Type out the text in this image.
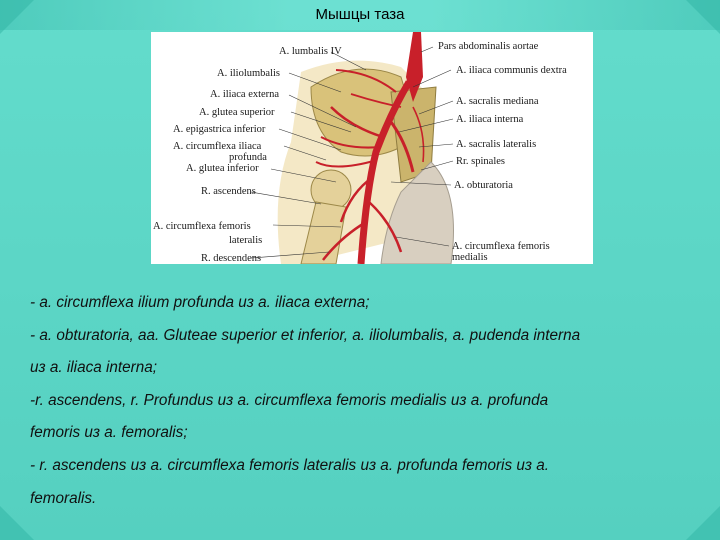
Мышцы таза
A. lumbalis IV
A. iliolumbalis
A. iliaca externa
A. glutea superior
A. epigastrica inferior
A. circumflexa iliaca
profunda
A. glutea inferior
R. ascendens
A. circumflexa femoris
lateralis
R. descendens
Pars abdominalis aortae
A. iliaca communis dextra
A. sacralis mediana
A. iliaca interna
A. sacralis lateralis
Rr. spinales
A. obturatoria
A. circumflexa femoris
medialis

- a. circumflexa ilium profunda из a. iliaca externa;

- a. obturatoria, aa. Gluteae superior et inferior, a. iliolumbalis, a. pudenda interna

из a. iliaca interna;

-r. ascendens, r. Profundus из a. circumflexa femoris medialis из a. profunda

femoris из a. femoralis;

- r. ascendens из a. circumflexa femoris lateralis из a. profunda femoris из a.

femoralis.
